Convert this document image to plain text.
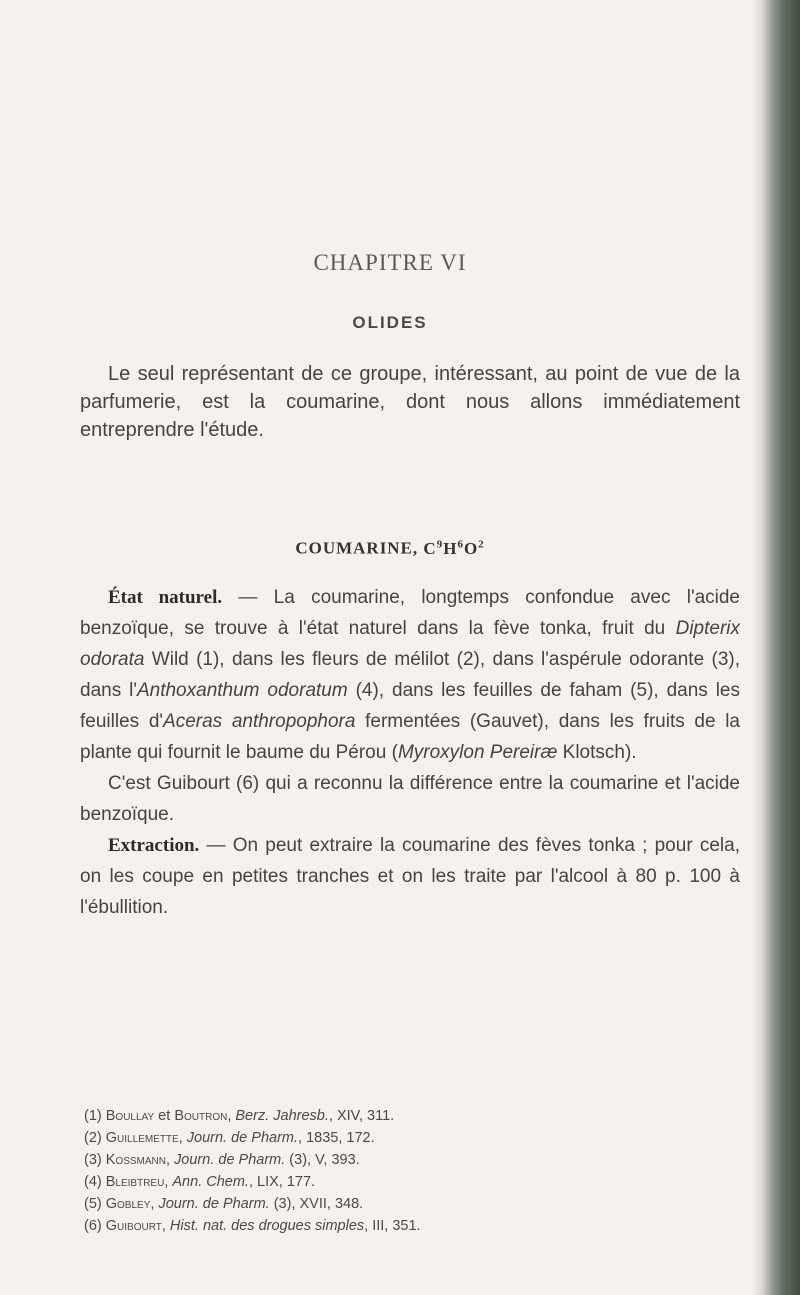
CHAPITRE VI
OLIDES

Le seul représentant de ce groupe, intéressant, au point de vue de la parfumerie, est la coumarine, dont nous allons immédiatement entreprendre l'étude.

COUMARINE, $C^9H^6O^2$

État naturel. — La coumarine, longtemps confondue avec l'acide benzoïque, se trouve à l'état naturel dans la fève tonka, fruit du Dipterix odorata Wild (1), dans les fleurs de mélilot (2), dans l'aspérule odorante (3), dans l'Anthoxanthum odoratum (4), dans les feuilles de faham (5), dans les feuilles d'Aceras anthropophora fermentées (Gauvet), dans les fruits de la plante qui fournit le baume du Pérou (Myroxylon Pereiræ Klotsch).

C'est Guibourt (6) qui a reconnu la différence entre la coumarine et l'acide benzoïque.

Extraction. — On peut extraire la coumarine des fèves tonka ; pour cela, on les coupe en petites tranches et on les traite par l'alcool à 80 p. 100 à l'ébullition.

(1) Boullay et Boutron, Berz. Jahresb., XIV, 311.
(2) Guillemette, Journ. de Pharm., 1835, 172.
(3) Kossmann, Journ. de Pharm. (3), V, 393.
(4) Bleibtreu, Ann. Chem., LIX, 177.
(5) Gobley, Journ. de Pharm. (3), XVII, 348.
(6) Guibourt, Hist. nat. des drogues simples, III, 351.
